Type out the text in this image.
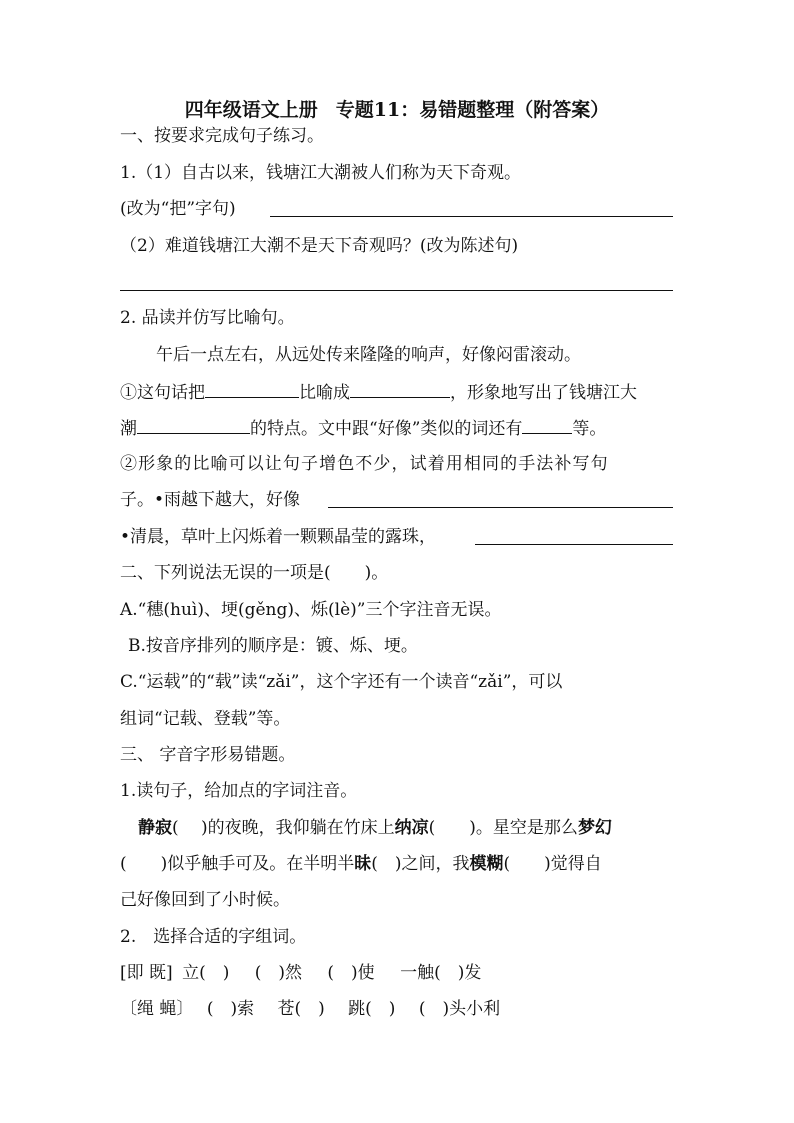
四年级语文上册 专题11：易错题整理（附答案）
一、按要求完成句子练习。
1.（1）自古以来，钱塘江大潮被人们称为天下奇观。
(改为“把”字句)
（2）难道钱塘江大潮不是天下奇观吗？(改为陈述句)
2. 品读并仿写比喻句。
午后一点左右，从远处传来隆隆的响声，好像闷雷滚动。
①这句话把	比喻成	，形象地写出了钱塘江大
潮	的特点。文中跟“好像”类似的词还有	等。
②形象的比喻可以让句子增色不少，试着用相同的手法补写句
子。•雨越下越大，好像
•清晨，草叶上闪烁着一颗颗晶莹的露珠，
二、下列说法无误的一项是(　　)。
A.“穗(huì)、埂(gěng)、烁(lè)”三个字注音无误。
B.按音序排列的顺序是：镀、烁、埂。
C.“运载”的“载”读“zǎi”，这个字还有一个读音“zǎi”，可以
组词“记载、登载”等。
三、 字音字形易错题。
1.读句子，给加点的字词注音。
静寂(　 )的夜晚，我仰躺在竹床上纳凉(　　)。星空是那么梦幻
(　　)似乎触手可及。在半明半昧(　)之间，我模糊(　　)觉得自
己好像回到了小时候。
2.　选择合适的字组词。
[即 既] 立(　) (　)然 (　)使 一触(　)发
〔绳 蝇〕 (　)索 苍(　) 跳(　) (　)头小利
